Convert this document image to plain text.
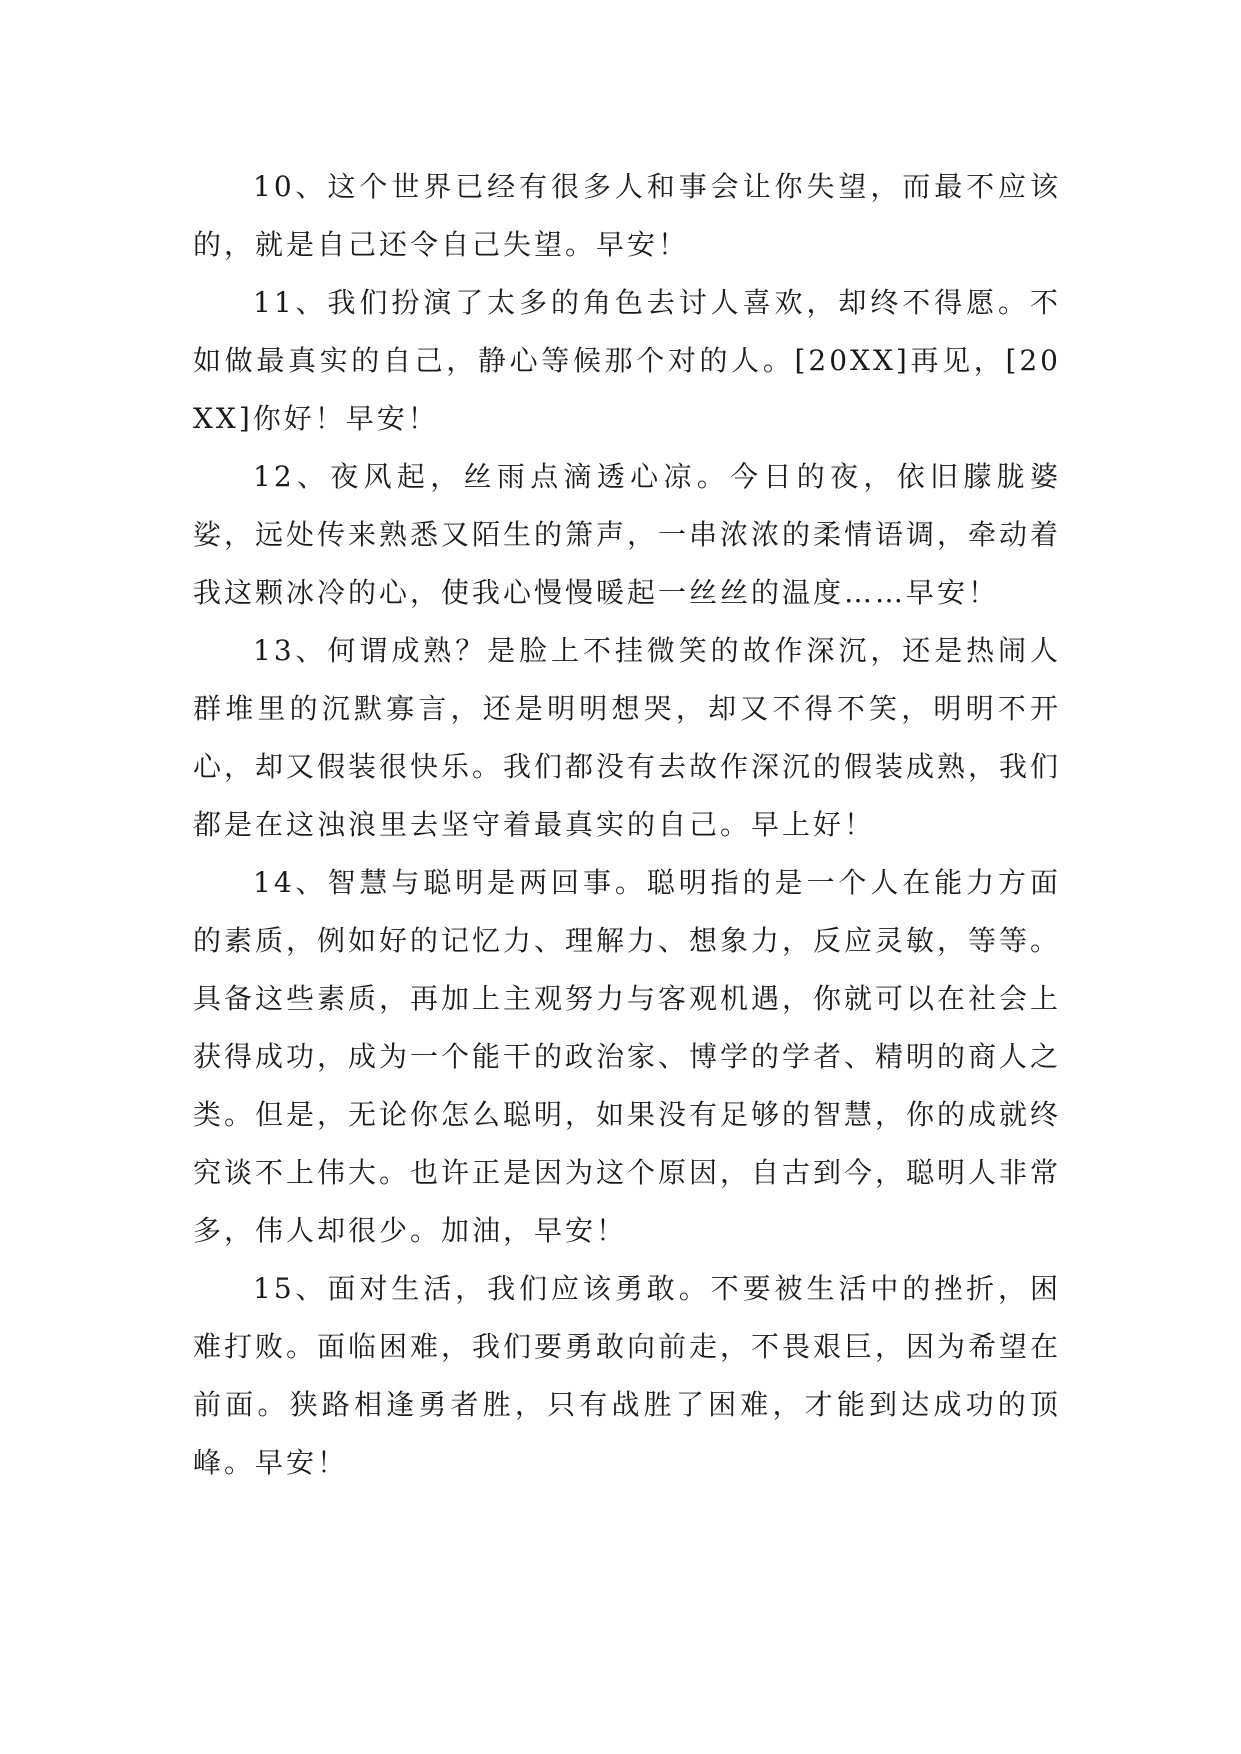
10、这个世界已经有很多人和事会让你失望，而最不应该的，就是自己还令自己失望。早安！

11、我们扮演了太多的角色去讨人喜欢，却终不得愿。不如做最真实的自己，静心等候那个对的人。[20XX]再见，[20XX]你好！早安！

12、夜风起，丝雨点滴透心凉。今日的夜，依旧朦胧婆娑，远处传来熟悉又陌生的箫声，一串浓浓的柔情语调，牵动着我这颗冰冷的心，使我心慢慢暖起一丝丝的温度……早安！

13、何谓成熟？是脸上不挂微笑的故作深沉，还是热闹人群堆里的沉默寡言，还是明明想哭，却又不得不笑，明明不开心，却又假装很快乐。我们都没有去故作深沉的假装成熟，我们都是在这浊浪里去坚守着最真实的自己。早上好！

14、智慧与聪明是两回事。聪明指的是一个人在能力方面的素质，例如好的记忆力、理解力、想象力，反应灵敏，等等。具备这些素质，再加上主观努力与客观机遇，你就可以在社会上获得成功，成为一个能干的政治家、博学的学者、精明的商人之类。但是，无论你怎么聪明，如果没有足够的智慧，你的成就终究谈不上伟大。也许正是因为这个原因，自古到今，聪明人非常多，伟人却很少。加油，早安！

15、面对生活，我们应该勇敢。不要被生活中的挫折，困难打败。面临困难，我们要勇敢向前走，不畏艰巨，因为希望在前面。狭路相逢勇者胜，只有战胜了困难，才能到达成功的顶峰。早安！
